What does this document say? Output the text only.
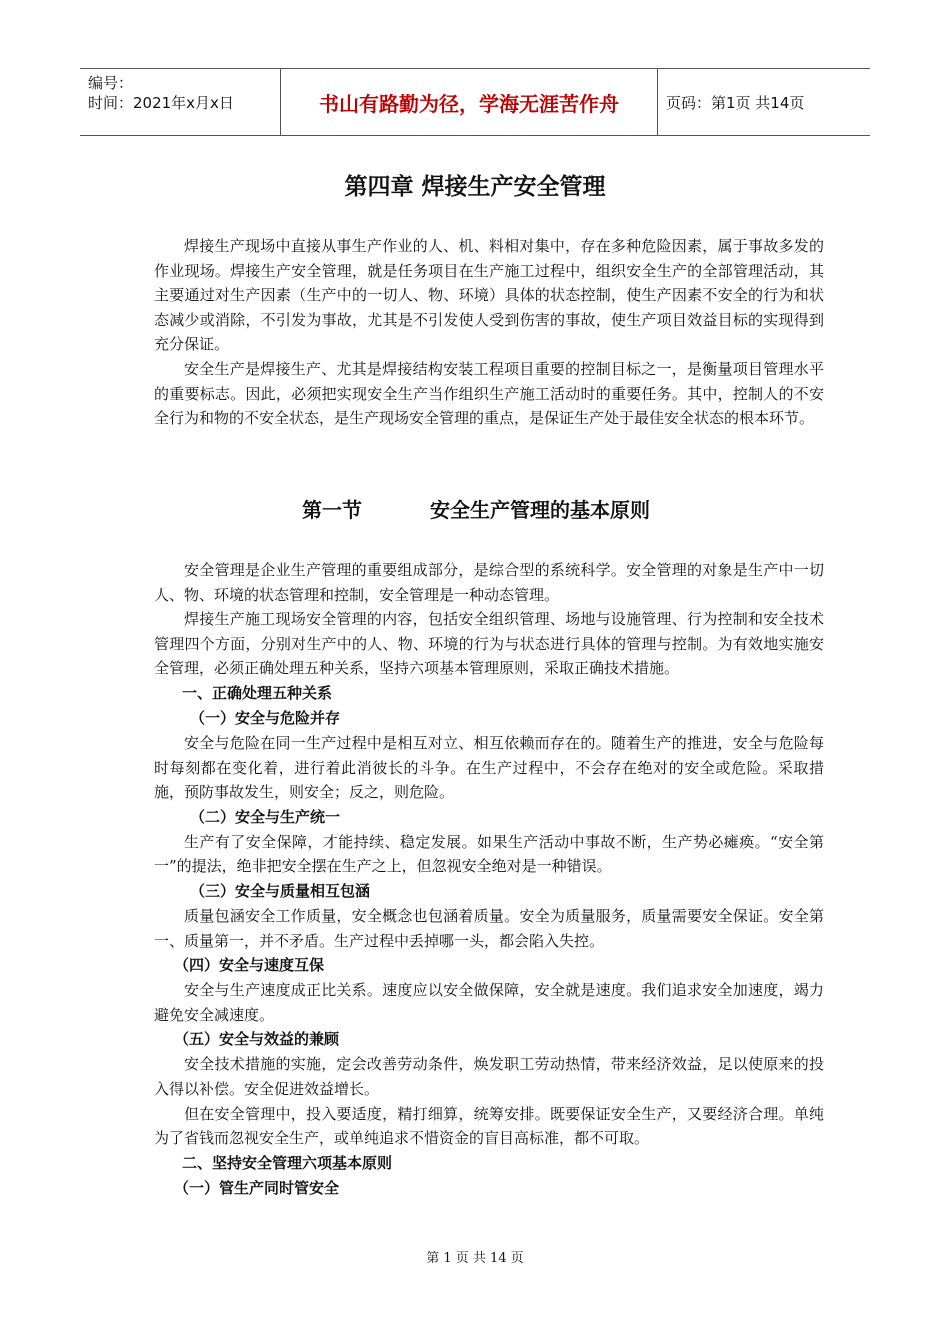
编号：
时间：2021年x月x日	书山有路勤为径，学海无涯苦作舟	页码：第1页 共14页
第四章 焊接生产安全管理

焊接生产现场中直接从事生产作业的人、机、料相对集中，存在多种危险因素，属于事故多发的作业现场。焊接生产安全管理，就是任务项目在生产施工过程中，组织安全生产的全部管理活动，其主要通过对生产因素（生产中的一切人、物、环境）具体的状态控制，使生产因素不安全的行为和状态减少或消除，不引发为事故，尤其是不引发使人受到伤害的事故，使生产项目效益目标的实现得到充分保证。

安全生产是焊接生产、尤其是焊接结构安装工程项目重要的控制目标之一，是衡量项目管理水平的重要标志。因此，必须把实现安全生产当作组织生产施工活动时的重要任务。其中，控制人的不安全行为和物的不安全状态，是生产现场安全管理的重点，是保证生产处于最佳安全状态的根本环节。

第一节	安全生产管理的基本原则

安全管理是企业生产管理的重要组成部分，是综合型的系统科学。安全管理的对象是生产中一切人、物、环境的状态管理和控制，安全管理是一种动态管理。

焊接生产施工现场安全管理的内容，包括安全组织管理、场地与设施管理、行为控制和安全技术管理四个方面，分别对生产中的人、物、环境的行为与状态进行具体的管理与控制。为有效地实施安全管理，必须正确处理五种关系，坚持六项基本管理原则，采取正确技术措施。

一、正确处理五种关系

（一）安全与危险并存

安全与危险在同一生产过程中是相互对立、相互依赖而存在的。随着生产的推进，安全与危险每时每刻都在变化着，进行着此消彼长的斗争。在生产过程中，不会存在绝对的安全或危险。采取措施，预防事故发生，则安全；反之，则危险。

（二）安全与生产统一

生产有了安全保障，才能持续、稳定发展。如果生产活动中事故不断，生产势必瘫痪。“安全第一”的提法，绝非把安全摆在生产之上，但忽视安全绝对是一种错误。

（三）安全与质量相互包涵

质量包涵安全工作质量，安全概念也包涵着质量。安全为质量服务，质量需要安全保证。安全第一、质量第一，并不矛盾。生产过程中丢掉哪一头，都会陷入失控。

（四）安全与速度互保

安全与生产速度成正比关系。速度应以安全做保障，安全就是速度。我们追求安全加速度，竭力避免安全减速度。

（五）安全与效益的兼顾

安全技术措施的实施，定会改善劳动条件，焕发职工劳动热情，带来经济效益，足以使原来的投入得以补偿。安全促进效益增长。

但在安全管理中，投入要适度，精打细算，统筹安排。既要保证安全生产，又要经济合理。单纯为了省钱而忽视安全生产，或单纯追求不惜资金的盲目高标准，都不可取。

二、坚持安全管理六项基本原则

（一）管生产同时管安全

第 1 页 共 14 页
